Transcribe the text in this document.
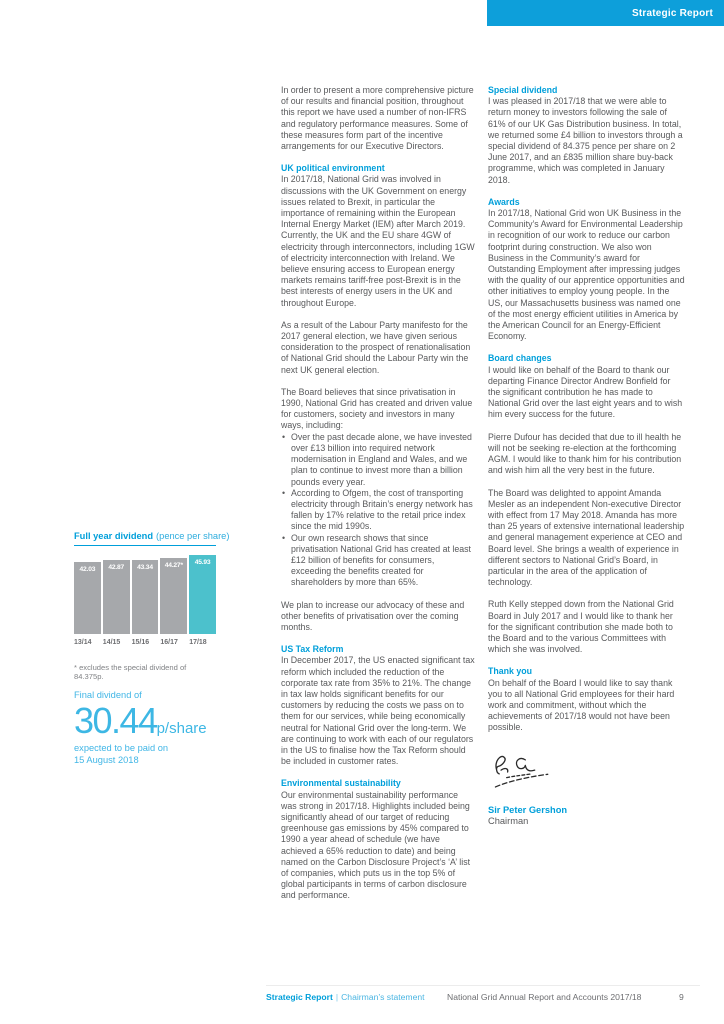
Strategic Report
Full year dividend (pence per share)
42.03 42.87 43.34 44.27* 45.93
13/14	14/15	15/16	16/17	17/18
* excludes the special dividend of 84.375p.
Final dividend of
30.44p/share
expected to be paid on
15 August 2018

In order to present a more comprehensive picture of our results and financial position, throughout this report we have used a number of non-IFRS and regulatory performance measures. Some of these measures form part of the incentive arrangements for our Executive Directors.

UK political environment

In 2017/18, National Grid was involved in discussions with the UK Government on energy issues related to Brexit, in particular the importance of remaining within the European Internal Energy Market (IEM) after March 2019. Currently, the UK and the EU share 4GW of electricity through interconnectors, including 1GW of electricity interconnection with Ireland. We believe ensuring access to European energy markets remains tariff-free post-Brexit is in the best interests of energy users in the UK and throughout Europe.

As a result of the Labour Party manifesto for the 2017 general election, we have given serious consideration to the prospect of renationalisation of National Grid should the Labour Party win the next UK general election.

The Board believes that since privatisation in 1990, National Grid has created and driven value for customers, society and investors in many ways, including:

• Over the past decade alone, we have invested over £13 billion into required network modernisation in England and Wales, and we plan to continue to invest more than a billion pounds every year.
• According to Ofgem, the cost of transporting electricity through Britain’s energy network has fallen by 17% relative to the retail price index since the mid 1990s.
• Our own research shows that since privatisation National Grid has created at least £12 billion of benefits for consumers, exceeding the benefits created for shareholders by more than 65%.

We plan to increase our advocacy of these and other benefits of privatisation over the coming months.

US Tax Reform

In December 2017, the US enacted significant tax reform which included the reduction of the corporate tax rate from 35% to 21%. The change in tax law holds significant benefits for our customers by reducing the costs we pass on to them for our services, while being economically neutral for National Grid over the long-term. We are continuing to work with each of our regulators in the US to finalise how the Tax Reform should be included in customer rates.

Environmental sustainability

Our environmental sustainability performance was strong in 2017/18. Highlights included being significantly ahead of our target of reducing greenhouse gas emissions by 45% compared to 1990 a year ahead of schedule (we have achieved a 65% reduction to date) and being named on the Carbon Disclosure Project’s ‘A’ list of companies, which puts us in the top 5% of global participants in terms of carbon disclosure and performance.

Special dividend

I was pleased in 2017/18 that we were able to return money to investors following the sale of 61% of our UK Gas Distribution business. In total, we returned some £4 billion to investors through a special dividend of 84.375 pence per share on 2 June 2017, and an £835 million share buy-back programme, which was completed in January 2018.

Awards

In 2017/18, National Grid won UK Business in the Community’s Award for Environmental Leadership in recognition of our work to reduce our carbon footprint during construction. We also won Business in the Community’s award for Outstanding Employment after impressing judges with the quality of our apprentice opportunities and other initiatives to employ young people. In the US, our Massachusetts business was named one of the most energy efficient utilities in America by the American Council for an Energy-Efficient Economy.

Board changes

I would like on behalf of the Board to thank our departing Finance Director Andrew Bonfield for the significant contribution he has made to National Grid over the last eight years and to wish him every success for the future.

Pierre Dufour has decided that due to ill health he will not be seeking re-election at the forthcoming AGM. I would like to thank him for his contribution and wish him all the very best in the future.

The Board was delighted to appoint Amanda Mesler as an independent Non-executive Director with effect from 17 May 2018. Amanda has more than 25 years of extensive international leadership and general management experience at CEO and Board level. She brings a wealth of experience in different sectors to National Grid’s Board, in particular in the area of the application of technology.

Ruth Kelly stepped down from the National Grid Board in July 2017 and I would like to thank her for the significant contribution she made both to the Board and to the various Committees with which she was involved.

Thank you

On behalf of the Board I would like to say thank you to all National Grid employees for their hard work and commitment, without which the achievements of 2017/18 would not have been possible.

Sir Peter Gershon
Chairman
Strategic Report | Chairman’s statement	National Grid Annual Report and Accounts 2017/18	9
